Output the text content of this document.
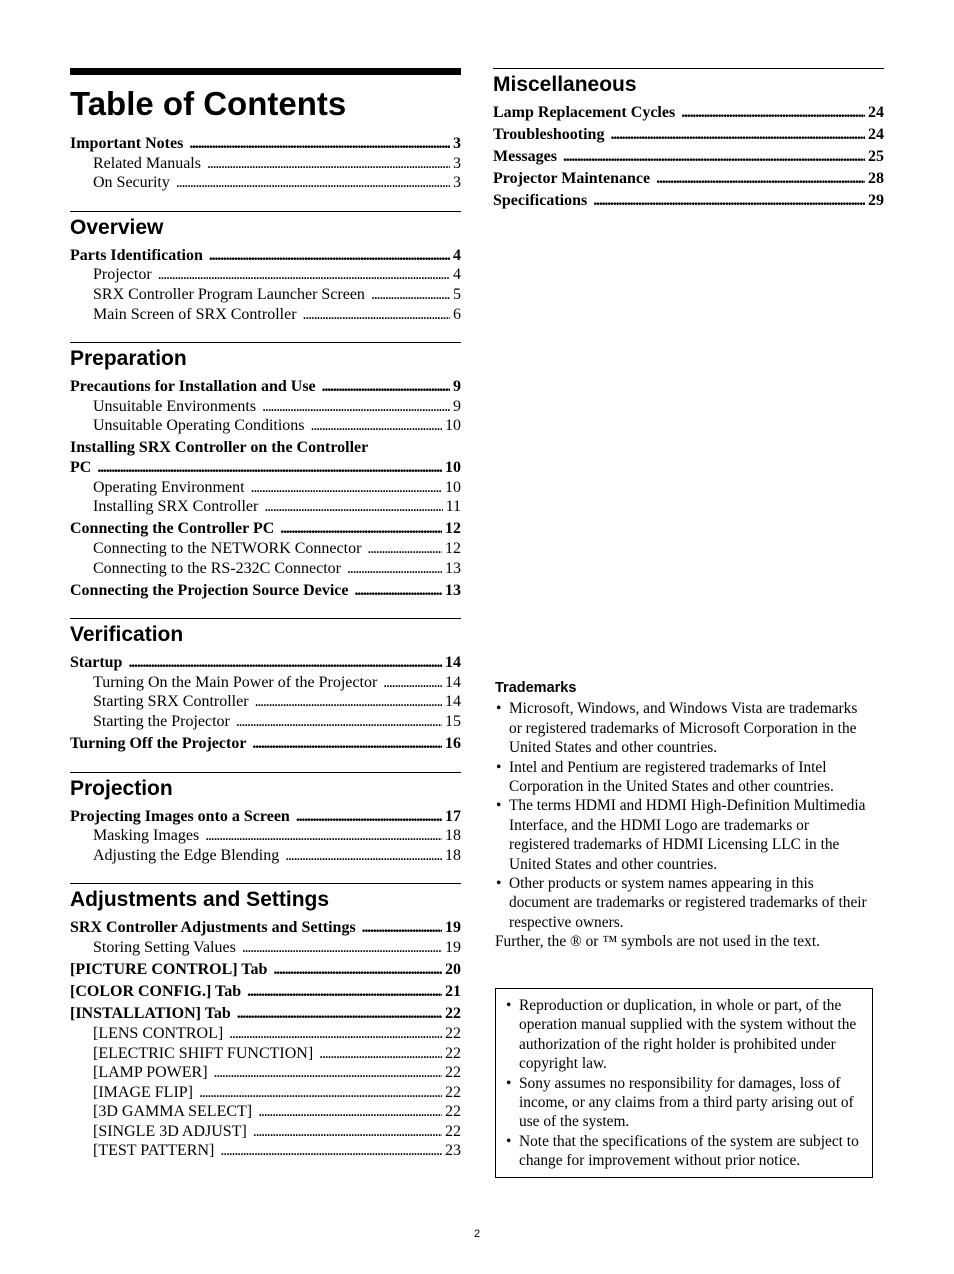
Table of Contents
Important Notes . . .	3
Related Manuals . . .	3
On Security . . .	3
Overview
Parts Identification . . .	4
Projector . . .	4
SRX Controller Program Launcher Screen . . .	5
Main Screen of SRX Controller . . .	6
Preparation
Precautions for Installation and Use . . .	9
Unsuitable Environments . . .	9
Unsuitable Operating Conditions . . .	10
Installing SRX Controller on the Controller
PC . . .	10
Operating Environment . . .	10
Installing SRX Controller . . .	11
Connecting the Controller PC . . .	12
Connecting to the NETWORK Connector . . .	12
Connecting to the RS-232C Connector . . .	13
Connecting the Projection Source Device . . .	13
Verification
Startup . . .	14
Turning On the Main Power of the Projector . . .	14
Starting SRX Controller . . .	14
Starting the Projector . . .	15
Turning Off the Projector . . .	16
Projection
Projecting Images onto a Screen . . .	17
Masking Images . . .	18
Adjusting the Edge Blending . . .	18
Adjustments and Settings
SRX Controller Adjustments and Settings . . .	19
Storing Setting Values . . .	19
[PICTURE CONTROL] Tab . . .	20
[COLOR CONFIG.] Tab . . .	21
[INSTALLATION] Tab . . .	22
[LENS CONTROL] . . .	22
[ELECTRIC SHIFT FUNCTION] . . .	22
[LAMP POWER] . . .	22
[IMAGE FLIP] . . .	22
[3D GAMMA SELECT] . . .	22
[SINGLE 3D ADJUST] . . .	22
[TEST PATTERN] . . .	23
Miscellaneous
Lamp Replacement Cycles . . .	24
Troubleshooting . . .	24
Messages . . .	25
Projector Maintenance . . .	28
Specifications . . .	29
Trademarks
• Microsoft, Windows, and Windows Vista are trademarks or registered trademarks of Microsoft Corporation in the United States and other countries.
• Intel and Pentium are registered trademarks of Intel Corporation in the United States and other countries.
• The terms HDMI and HDMI High-Definition Multimedia Interface, and the HDMI Logo are trademarks or registered trademarks of HDMI Licensing LLC in the United States and other countries.
• Other products or system names appearing in this document are trademarks or registered trademarks of their respective owners.
Further, the ® or ™ symbols are not used in the text.
• Reproduction or duplication, in whole or part, of the operation manual supplied with the system without the authorization of the right holder is prohibited under copyright law.
• Sony assumes no responsibility for damages, loss of income, or any claims from a third party arising out of use of the system.
• Note that the specifications of the system are subject to change for improvement without prior notice.
2
